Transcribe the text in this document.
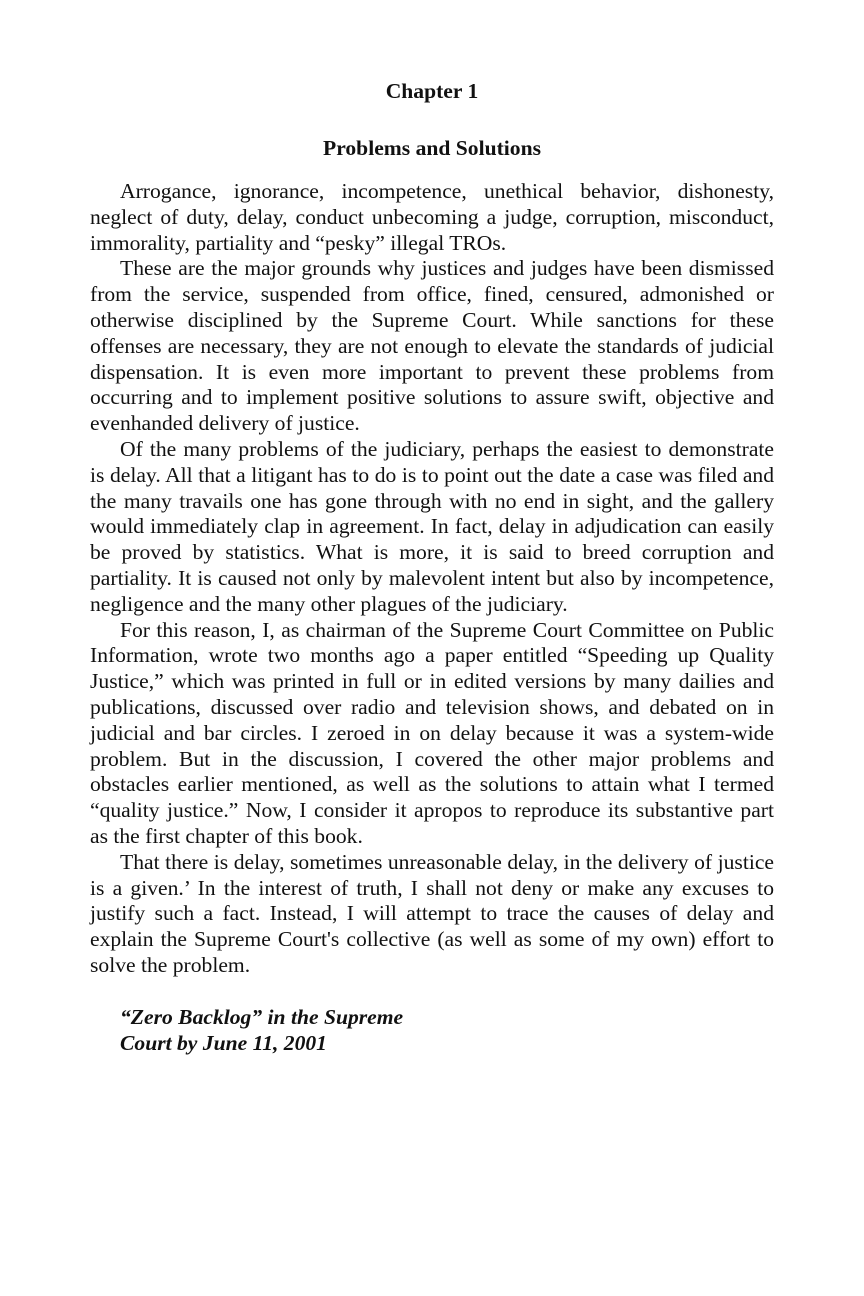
Chapter 1
Problems and Solutions

Arrogance, ignorance, incompetence, unethical behavior, dishonesty, neglect of duty, delay, conduct unbecoming a judge, corruption, misconduct, immorality, partiality and “pesky” illegal TROs.

These are the major grounds why justices and judges have been dismissed from the service, suspended from office, fined, censured, admonished or otherwise disciplined by the Supreme Court. While sanctions for these offenses are necessary, they are not enough to elevate the standards of judicial dispensation. It is even more important to prevent these problems from occurring and to implement positive solutions to assure swift, objective and evenhanded delivery of justice.

Of the many problems of the judiciary, perhaps the easiest to demonstrate is delay. All that a litigant has to do is to point out the date a case was filed and the many travails one has gone through with no end in sight, and the gallery would immediately clap in agreement. In fact, delay in adjudication can easily be proved by statistics. What is more, it is said to breed corruption and partiality. It is caused not only by malevolent intent but also by incompetence, negligence and the many other plagues of the judiciary.

For this reason, I, as chairman of the Supreme Court Committee on Public Information, wrote two months ago a paper entitled “Speeding up Quality Justice,” which was printed in full or in edited versions by many dailies and publications, discussed over radio and television shows, and debated on in judicial and bar circles. I zeroed in on delay because it was a system-wide problem. But in the discussion, I covered the other major problems and obstacles earlier mentioned, as well as the solutions to attain what I termed “quality justice.” Now, I consider it apropos to reproduce its substantive part as the first chapter of this book.

That there is delay, sometimes unreasonable delay, in the delivery of justice is a given.’ In the interest of truth, I shall not deny or make any excuses to justify such a fact. Instead, I will attempt to trace the causes of delay and explain the Supreme Court's collective (as well as some of my own) effort to solve the problem.

“Zero Backlog” in the Supreme
Court by June 11, 2001
